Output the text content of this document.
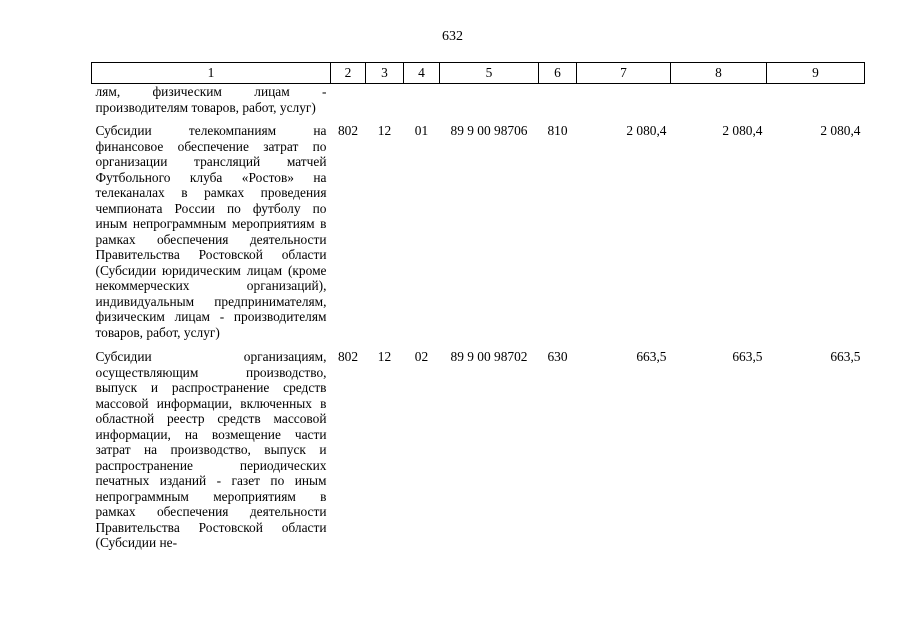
632
1	2	3	4	5	6	7	8	9
лям, физическим лицам - производителям товаров, работ, услуг)								
Субсидии телекомпаниям на финансовое обеспечение затрат по организации трансляций матчей Футбольного клуба «Ростов» на телеканалах в рамках проведения чемпионата России по футболу по иным непрограммным мероприятиям в рамках обеспечения деятельности Правительства Ростовской области (Субсидии юридическим лицам (кроме некоммерческих организаций), индивидуальным предпринимателям, физическим лицам - производителям товаров, работ, услуг)	802	12	01	89 9 00 98706	810	2 080,4	2 080,4	2 080,4
Субсидии организациям, осуществляющим производство, выпуск и распространение средств массовой информации, включенных в областной реестр средств массовой информации, на возмещение части затрат на производство, выпуск и распространение периодических печатных изданий - газет по иным непрограммным мероприятиям в рамках обеспечения деятельности Правительства Ростовской области (Субсидии не-	802	12	02	89 9 00 98702	630	663,5	663,5	663,5
